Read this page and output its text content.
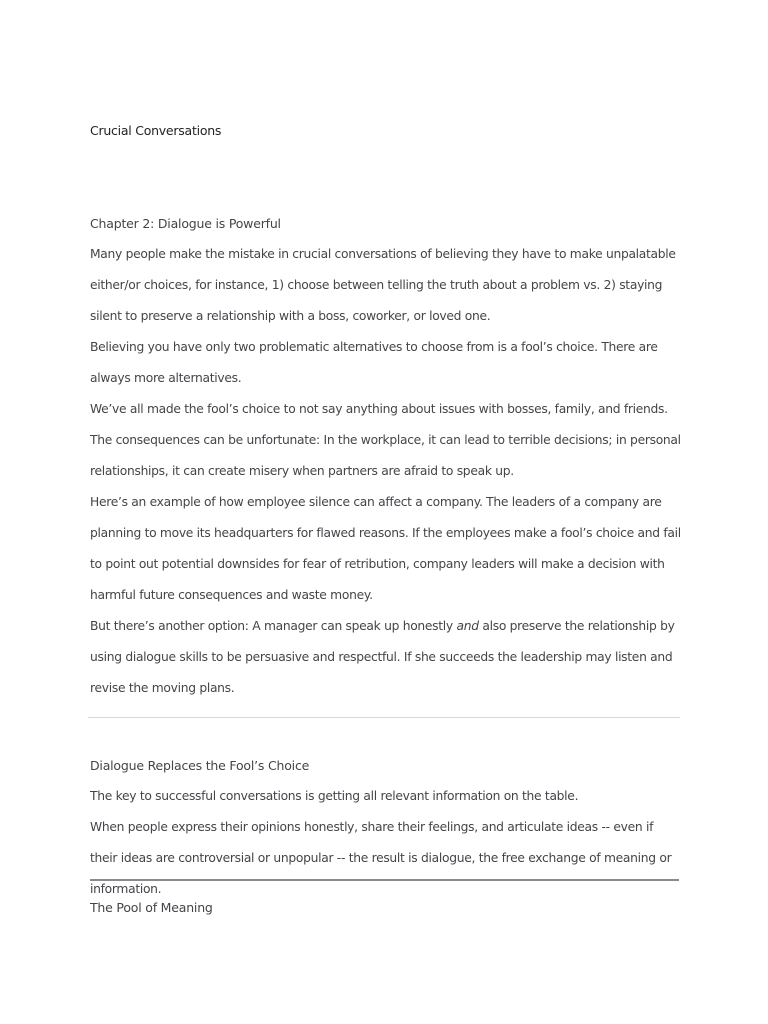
Crucial Conversations
Chapter 2: Dialogue is Powerful

Many people make the mistake in crucial conversations of believing they have to make unpalatable either/or choices, for instance, 1) choose between telling the truth about a problem vs. 2) staying silent to preserve a relationship with a boss, coworker, or loved one.

Believing you have only two problematic alternatives to choose from is a fool’s choice. There are always more alternatives.

We’ve all made the fool’s choice to not say anything about issues with bosses, family, and friends. The consequences can be unfortunate: In the workplace, it can lead to terrible decisions; in personal relationships, it can create misery when partners are afraid to speak up.

Here’s an example of how employee silence can affect a company. The leaders of a company are planning to move its headquarters for flawed reasons. If the employees make a fool’s choice and fail to point out potential downsides for fear of retribution, company leaders will make a decision with harmful future consequences and waste money.

But there’s another option: A manager can speak up honestly and also preserve the relationship by using dialogue skills to be persuasive and respectful. If she succeeds the leadership may listen and revise the moving plans.

Dialogue Replaces the Fool’s Choice

The key to successful conversations is getting all relevant information on the table.

When people express their opinions honestly, share their feelings, and articulate ideas -- even if their ideas are controversial or unpopular -- the result is dialogue, the free exchange of meaning or information.

The Pool of Meaning
